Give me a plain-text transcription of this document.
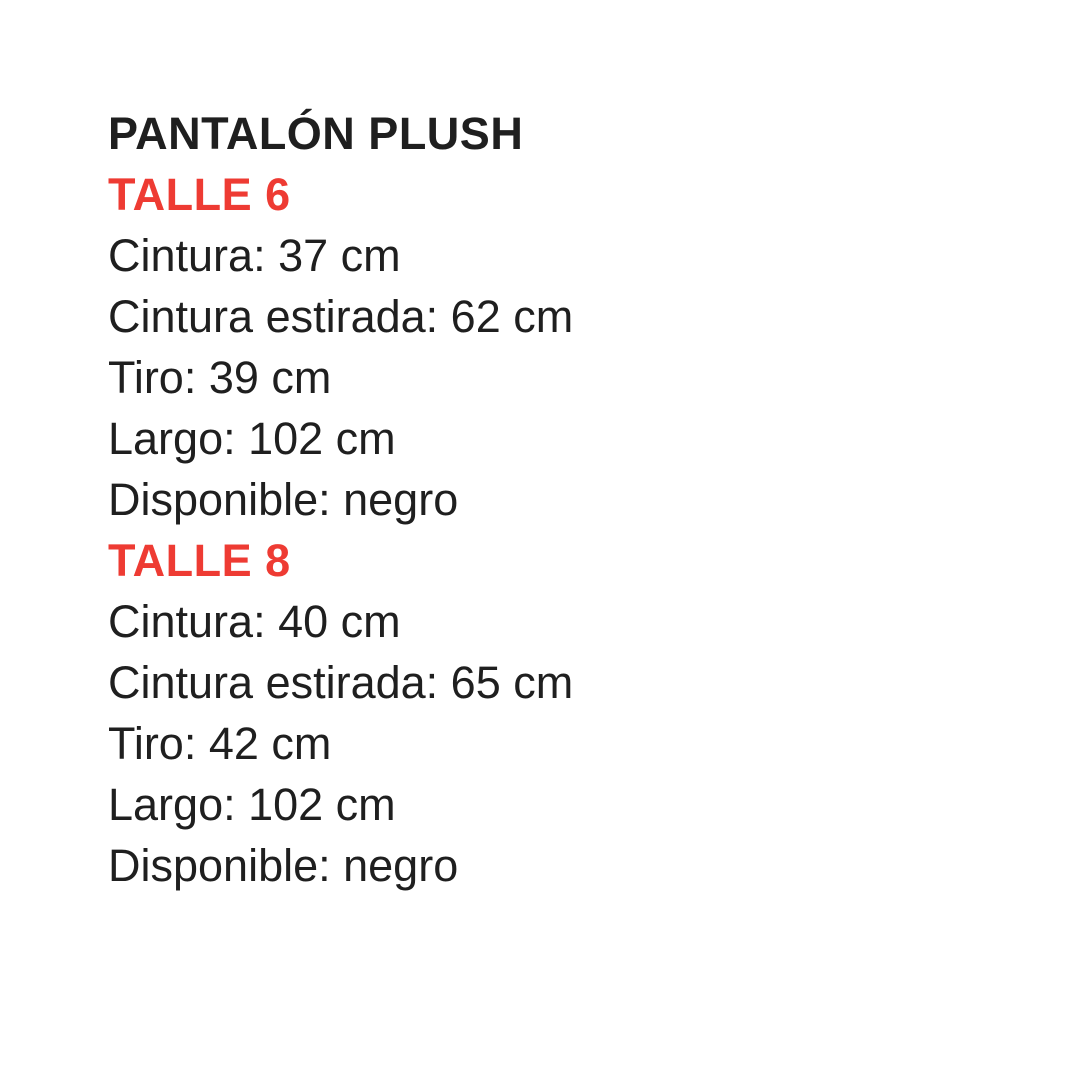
PANTALÓN PLUSH
TALLE 6

Cintura: 37 cm

Cintura estirada: 62 cm

Tiro: 39 cm

Largo: 102 cm

Disponible: negro

TALLE 8

Cintura: 40 cm

Cintura estirada: 65 cm

Tiro: 42 cm

Largo: 102 cm

Disponible: negro
